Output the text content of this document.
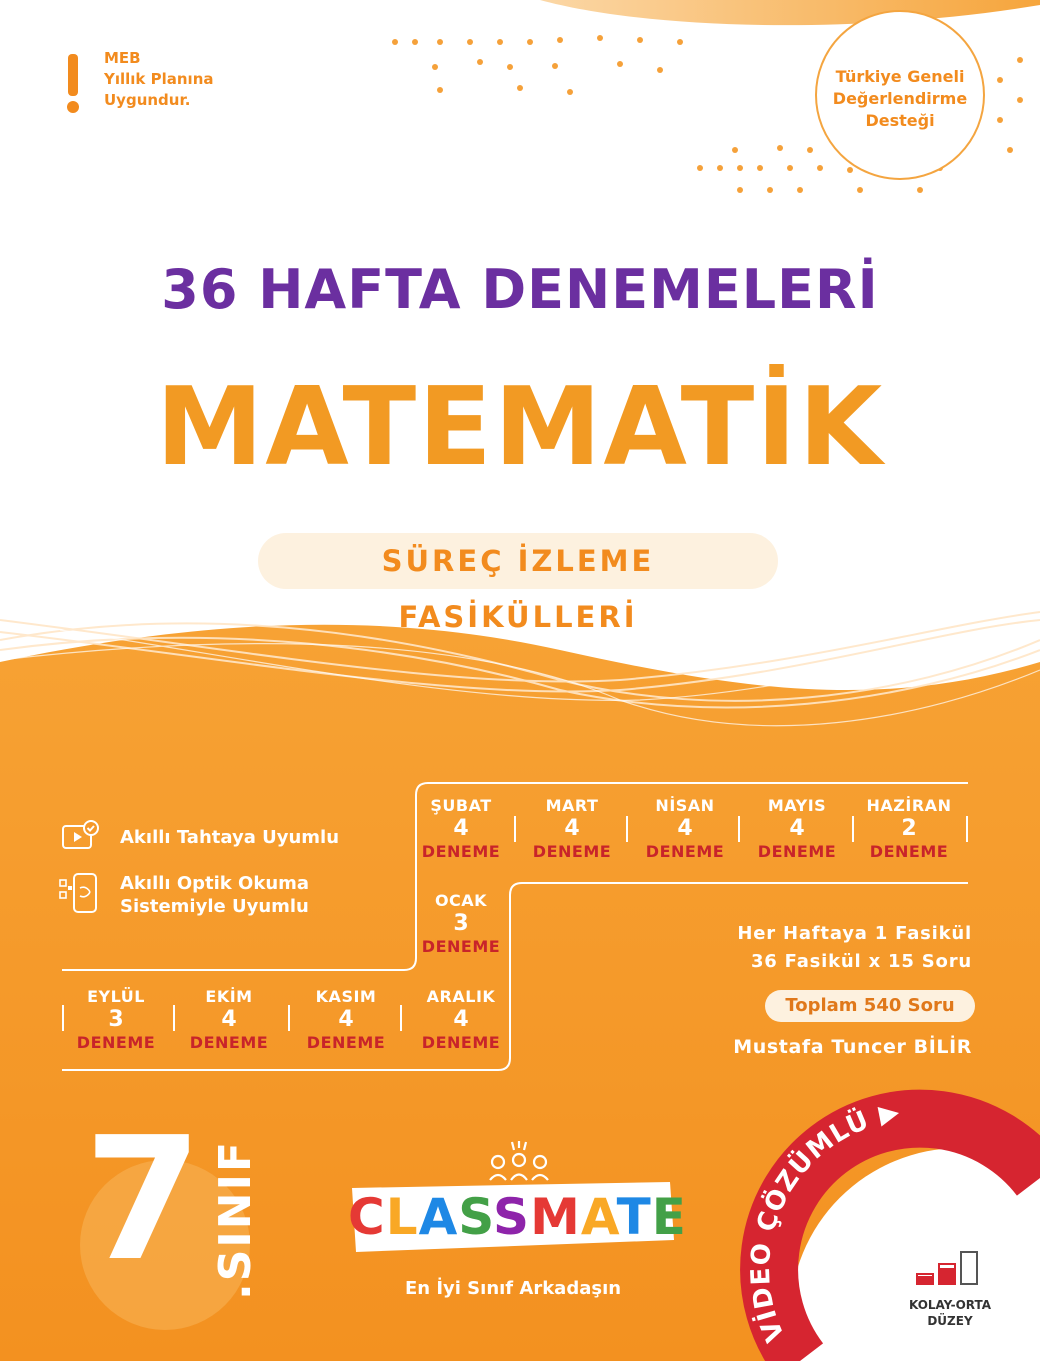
MEB
Yıllık Planına
Uygundur.
Türkiye Geneli
Değerlendirme
Desteği
36 HAFTA DENEMELERİ
MATEMATİK
SÜREÇ İZLEME FASİKÜLLERİ
Akıllı Tahtaya Uyumlu
Akıllı Optik Okuma
Sistemiyle Uyumlu
EYLÜL
3
DENEME
EKİM
4
DENEME
KASIM
4
DENEME
ARALIK
4
DENEME
OCAK
3
DENEME
ŞUBAT
4
DENEME
MART
4
DENEME
NİSAN
4
DENEME
MAYIS
4
DENEME
HAZİRAN
2
DENEME
Her Haftaya 1 Fasikül
36 Fasikül x 15 Soru
Toplam 540 Soru
Mustafa Tuncer BİLİR
7 .SINIF CLASSMATE
En İyi Sınıf Arkadaşın
VİDEO ÇÖZÜMLÜ ▶
KOLAY-ORTA
DÜZEY
